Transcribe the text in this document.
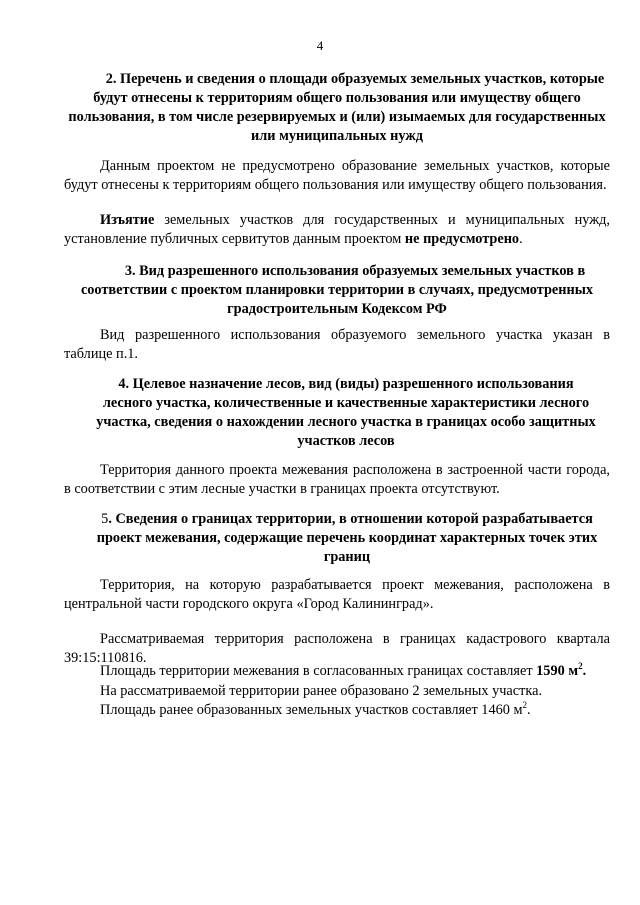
4

2. Перечень и сведения о площади образуемых земельных участков, которые будут отнесены к территориям общего пользования или имуществу общего пользования, в том числе резервируемых и (или) изымаемых для государственных или муниципальных нужд

Данным проектом не предусмотрено образование земельных участков, которые будут отнесены к территориям общего пользования или имуществу общего пользования.

Изъятие земельных участков для государственных и муниципальных нужд, установление публичных сервитутов данным проектом не предусмотрено.

3. Вид разрешенного использования образуемых земельных участков в соответствии с проектом планировки территории в случаях, предусмотренных градостроительным Кодексом РФ

Вид разрешенного использования образуемого земельного участка указан в таблице п.1.

4. Целевое назначение лесов, вид (виды) разрешенного использования лесного участка, количественные и качественные характеристики лесного участка, сведения о нахождении лесного участка в границах особо защитных участков лесов

Территория данного проекта межевания расположена в застроенной части города, в соответствии с этим лесные участки в границах проекта отсутствуют.

5. Сведения о границах территории, в отношении которой разрабатывается проект межевания, содержащие перечень координат характерных точек этих границ

Территория, на которую разрабатывается проект межевания, расположена в центральной части городского округа «Город Калининград».

Рассматриваемая территория расположена в границах кадастрового квартала 39:15:110816.

Площадь территории межевания в согласованных границах составляет 1590 $м^2$.

На рассматриваемой территории ранее образовано 2 земельных участка.

Площадь ранее образованных земельных участков составляет 1460 $м^2$.
